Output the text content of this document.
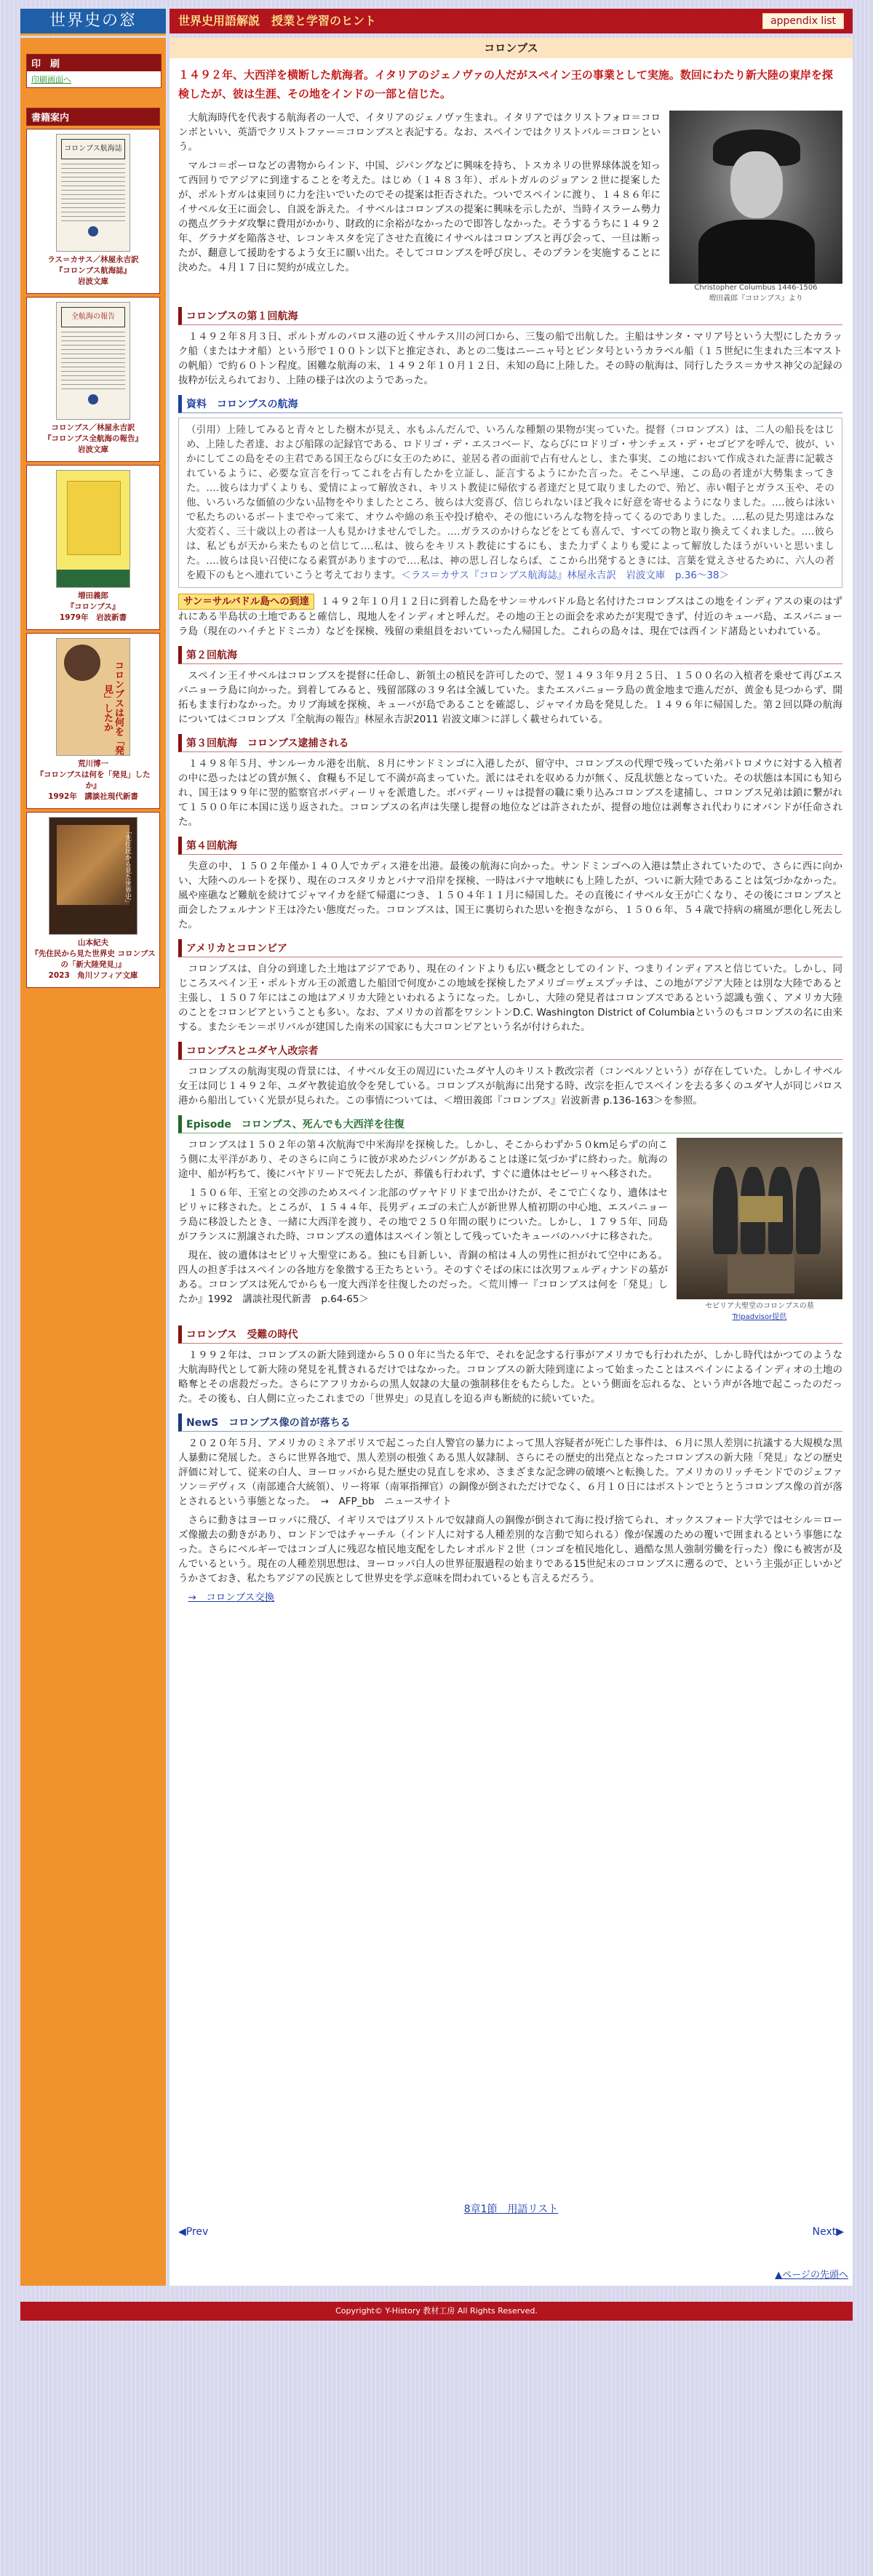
世界史の窓	世界史用語解説　授業と学習のヒント	appendix list
印　刷
印刷画面へ
書籍案内
コロンブス航海誌
ラス＝カサス／林屋永吉訳
『コロンブス航海誌』
岩波文庫
全航海の報告
コロンブス／林屋永吉訳
『コロンブス全航海の報告』
岩波文庫
増田義郎
『コロンブス』
1979年　岩波新書
コロンブスは何を「発見」したか
荒川博一
『コロンブスは何を「発見」したか』
1992年　講談社現代新書
「先住民から見た世界史」
山本紀夫
『先住民から見た世界史 コロンブスの「新大陸発見」』
2023　角川ソフィア文庫
コロンブス
１４９２年、大西洋を横断した航海者。イタリアのジェノヴァの人だがスペイン王の事業として実施。数回にわたり新大陸の東岸を探検したが、彼は生涯、その地をインドの一部と信じた。
Christopher Columbus 1446-1506
増田義郎『コロンブス』より

大航海時代を代表する航海者の一人で、イタリアのジェノヴァ生まれ。イタリアではクリストフォロ＝コロンボといい、英語でクリストファー＝コロンブスと表記する。なお、スペインではクリストバル＝コロンという。

マルコ＝ポーロなどの書物からインド、中国、ジパングなどに興味を持ち、トスカネリの世界球体説を知って西回りでアジアに到達することを考えた。はじめ（１４８３年）、ポルトガルのジョアン２世に提案したが、ポルトガルは東回りに力を注いでいたのでその提案は拒否された。ついでスペインに渡り、１４８６年にイサベル女王に面会し、自説を訴えた。イサベルはコロンブスの提案に興味を示したが、当時イスラーム勢力の拠点グラナダ攻撃に費用がかかり、財政的に余裕がなかったので即答しなかった。そうするうちに１４９２年、グラナダを陥落させ、レコンキスタを完了させた直後にイサベルはコロンブスと再び会って、一旦は断ったが、翻意して援助をするよう女王に願い出た。そしてコロンブスを呼び戻し、そのプランを実施することに決めた。４月１７日に契約が成立した。

コロンブスの第１回航海

１４９２年８月３日、ポルトガルのパロス港の近くサルテス川の河口から、三隻の船で出航した。主船はサンタ・マリア号という大型にしたカラック船（またはナオ船）という形で１００トン以下と推定され、あとの二隻はニーニャ号とピンタ号というカラベル船（１５世紀に生まれた三本マストの帆船）で約６０トン程度。困難な航海の末、１４９２年１０月１２日、未知の島に上陸した。その時の航海は、同行したラス＝カサス神父の記録の抜粋が伝えられており、上陸の様子は次のようであった。

資料　コロンブスの航海
（引用）上陸してみると青々とした樹木が見え、水もふんだんで、いろんな種類の果物が実っていた。提督（コロンブス）は、二人の船長をはじめ、上陸した者達、および船隊の記録官である、ロドリゴ・デ・エスコベード、ならびにロドリゴ・サンチェス・デ・セゴビアを呼んで、彼が、いかにしてこの島をその主君である国王ならびに女王のために、並居る者の面前で占有せんとし、また事実、この地において作成された証書に記載されているように、必要な宣言を行ってこれを占有したかを立証し、証言するようにかた言った。そこへ早速、この島の者達が大勢集まってきた。‥‥彼らは力ずくよりも、愛情によって解放され、キリスト教徒に帰依する者達だと見て取りましたので、殆ど、赤い帽子とガラス玉や、その他、いろいろな価値の少ない品物をやりましたところ、彼らは大変喜び、信じられないほど我々に好意を寄せるようになりました。‥‥彼らは泳いで私たちのいるボートまでやって来て、オウムや綿の糸玉や投げ槍や、その他にいろんな物を持ってくるのでありました。‥‥私の見た男達はみな大変若く、三十歳以上の者は一人も見かけませんでした。‥‥ガラスのかけらなどをとても喜んで、すべての物と取り換えてくれました。‥‥彼らは、私どもが天から来たものと信じて‥‥私は、彼らをキリスト教徒にするにも、また力ずくよりも愛によって解放したほうがいいと思いました。‥‥彼らは良い召使になる素質がありますので‥‥私は、神の思し召しならば、ここから出発するときには、言葉を覚えさせるために、六人の者を殿下のもとへ連れていこうと考えております。＜ラス＝カサス『コロンブス航海誌』林屋永吉訳　岩波文庫　p.36〜38＞

サン＝サルバドル島への到達 １４９２年１０月１２日に到着した島をサン＝サルバドル島と名付けたコロンブスはこの地をインディアスの東のはずれにある半島状の土地であると確信し、現地人をインディオと呼んだ。その地の王との面会を求めたが実現できず、付近のキューバ島、エスパニョーラ島（現在のハイチとドミニカ）などを探検、残留の乗組員をおいていったん帰国した。これらの島々は、現在では西インド諸島といわれている。

第２回航海

スペイン王イサベルはコロンブスを提督に任命し、新領土の植民を許可したので、翌１４９３年９月２５日、１５００名の入植者を乗せて再びエスパニョーラ島に向かった。到着してみると、残留部隊の３９名は全滅していた。またエスパニョーラ島の黄金地まで進んだが、黄金も見つからず、開拓もまま行わなかった。カリブ海域を探検、キューバが島であることを確認し、ジャマイカ島を発見した。１４９６年に帰国した。第２回以降の航海については＜コロンブス『全航海の報告』林屋永吉訳2011 岩波文庫＞に詳しく載せられている。

第３回航海　コロンブス逮捕される

１４９８年５月、サンルーカル港を出航、８月にサンドミンゴに入港したが、留守中、コロンブスの代理で残っていた弟パトロメウに対する入植者の中に恐ったはどの賃が無く、食糧も不足して不満が高まっていた。派にはそれを収める力が無く、反乱状態となっていた。その状態は本国にも知られ、国王は９９年に翌的監察官ボバディーリャを派遣した。ボバディーリャは提督の職に乗り込みコロンブスを逮捕し、コロンブス兄弟は鎖に繋がれて１５００年に本国に送り返された。コロンブスの名声は失墜し提督の地位などは許されたが、提督の地位は剥奪され代わりにオバンドが任命された。

第４回航海

失意の中、１５０２年僅か１４０人でカディス港を出港。最後の航海に向かった。サンドミンゴへの入港は禁止されていたので、さらに西に向かい、大陸へのルートを探り、現在のコスタリカとパナマ沿岸を探検、一時はパナマ地峡にも上陸したが、ついに新大陸であることは気づかなかった。風や座礁など難航を続けてジャマイカを経て帰還につき、１５０４年１１月に帰国した。その直後にイサベル女王が亡くなり、その後にコロンブスと面会したフェルナンド王は冷たい態度だった。コロンブスは、国王に裏切られた思いを抱きながら、１５０６年、５４歳で持病の痛風が悪化し死去した。

アメリカとコロンビア

コロンブスは、自分の到達した土地はアジアであり、現在のインドよりも広い概念としてのインド、つまりインディアスと信じていた。しかし、同じころスペイン王・ポルトガル王の派遣した船団で何度かこの地域を探検したアメリゴ＝ヴェスプッチは、この地がアジア大陸とは別な大陸であると主張し、１５０７年にはこの地はアメリカ大陸といわれるようになった。しかし、大陸の発見者はコロンブスであるという認識も強く、アメリカ大陸のことをコロンビアということも多い。なお、アメリカの首都をワシントンD.C. Washington District of Columbiaというのもコロンブスの名に由来する。またシモン＝ボリバルが建国した南米の国家にも大コロンビアという名が付けられた。

コロンブスとユダヤ人改宗者

コロンブスの航海実現の背景には、イサベル女王の周辺にいたユダヤ人のキリスト教改宗者（コンベルソという）が存在していた。しかしイサベル女王は同じ１４９２年、ユダヤ教徒追放令を発している。コロンブスが航海に出発する時、改宗を拒んでスペインを去る多くのユダヤ人が同じパロス港から船出していく光景が見られた。この事情については、＜増田義郎『コロンブス』岩波新書 p.136-163＞を参照。

Episode　コロンブス、死んでも大西洋を往復
セビリア大聖堂のコロンブスの墓
Tripadvisor提供

コロンブスは１５０２年の第４次航海で中米海岸を探検した。しかし、そこからわずか５０km足らずの向こう側に太平洋があり、そのさらに向こうに彼が求めたジパングがあることは遂に気づかずに終わった。航海の途中、船が朽ちて、後にバヤドリードで死去したが、葬儀も行われず、すぐに遺体はセビーリャへ移された。

１５０６年、王室との交渉のためスペイン北部のヴァヤドリドまで出かけたが、そこで亡くなり、遺体はセビリャに移された。ところが、１５４４年、長男ディエゴの未亡人が新世界人植初期の中心地、エスパニョーラ島に移設したとき、一緒に大西洋を渡り、その地で２５０年間の眠りについた。しかし、１７９５年、同島がフランスに割譲された時、コロンブスの遺体はスペイン領として残っていたキューバのハバナに移された。

現在、彼の遺体はセビリャ大聖堂にある。独にも目新しい、青銅の棺は４人の男性に担がれて空中にある。四人の担ぎ手はスペインの各地方を象徴する王たちという。そのすぐそばの床には次男フェルディナンドの墓がある。コロンブスは死んでからも一度大西洋を往復したのだった。＜荒川博一『コロンブスは何を「発見」したか』1992　講談社現代新書　p.64-65＞

コロンブス　受難の時代

１９９２年は、コロンブスの新大陸到達から５００年に当たる年で、それを記念する行事がアメリカでも行われたが、しかし時代はかつてのような大航海時代として新大陸の発見を礼賛されるだけではなかった。コロンブスの新大陸到達によって始まったことはスペインによるインディオの土地の略奪とその虐殺だった。さらにアフリカからの黒人奴隷の大量の強制移住をもたらした。という側面を忘れるな、という声が各地で起こったのだった。その後も、白人側に立ったこれまでの「世界史」の見直しを迫る声も断続的に続いていた。

NewS　コロンブス像の首が落ちる

２０２０年５月、アメリカのミネアポリスで起こった白人警官の暴力によって黒人容疑者が死亡した事件は、６月に黒人差別に抗議する大規模な黒人暴動に発展した。さらに世界各地で、黒人差別の根強くある黒人奴隷制、さらにその歴史的出発点となったコロンブスの新大陸「発見」などの歴史評価に対して、従来の白人、ヨーロッパから見た歴史の見直しを求め、さまざまな記念碑の破壊へと転換した。アメリカのリッチモンドでのジェファソン＝デヴィス（南部連合大統領）、リー将軍（南軍指揮官）の銅像が倒されただけでなく、６月１０日にはボストンでとうとうコロンブス像の首が落とされるという事態となった。　→　AFP_bb　ニュースサイト

さらに動きはヨーロッパに飛び、イギリスではブリストルで奴隷商人の銅像が倒されて海に投げ捨てられ、オックスフォード大学ではセシル＝ローズ像撤去の動きがあり、ロンドンではチャーチル（インド人に対する人種差別的な言動で知られる）像が保護のための覆いで囲まれるという事態になった。さらにベルギーではコンゴ人に残忍な植民地支配をしたレオポルド２世（コンゴを植民地化し、過酷な黒人強制労働を行った）像にも被害が及んでいるという。現在の人種差別思想は、ヨーロッパ白人の世界征服過程の始まりである15世紀末のコロンブスに遡るので、という主張が正しいかどうかさておき、私たちアジアの民族として世界史を学ぶ意味を問われているとも言えるだろう。

→　コロンブス交換

8章1節　用語リスト
◀Prev	Next▶
▲ページの先頭へ
Copyright© Y-History 教材工房 All Rights Reserved.
